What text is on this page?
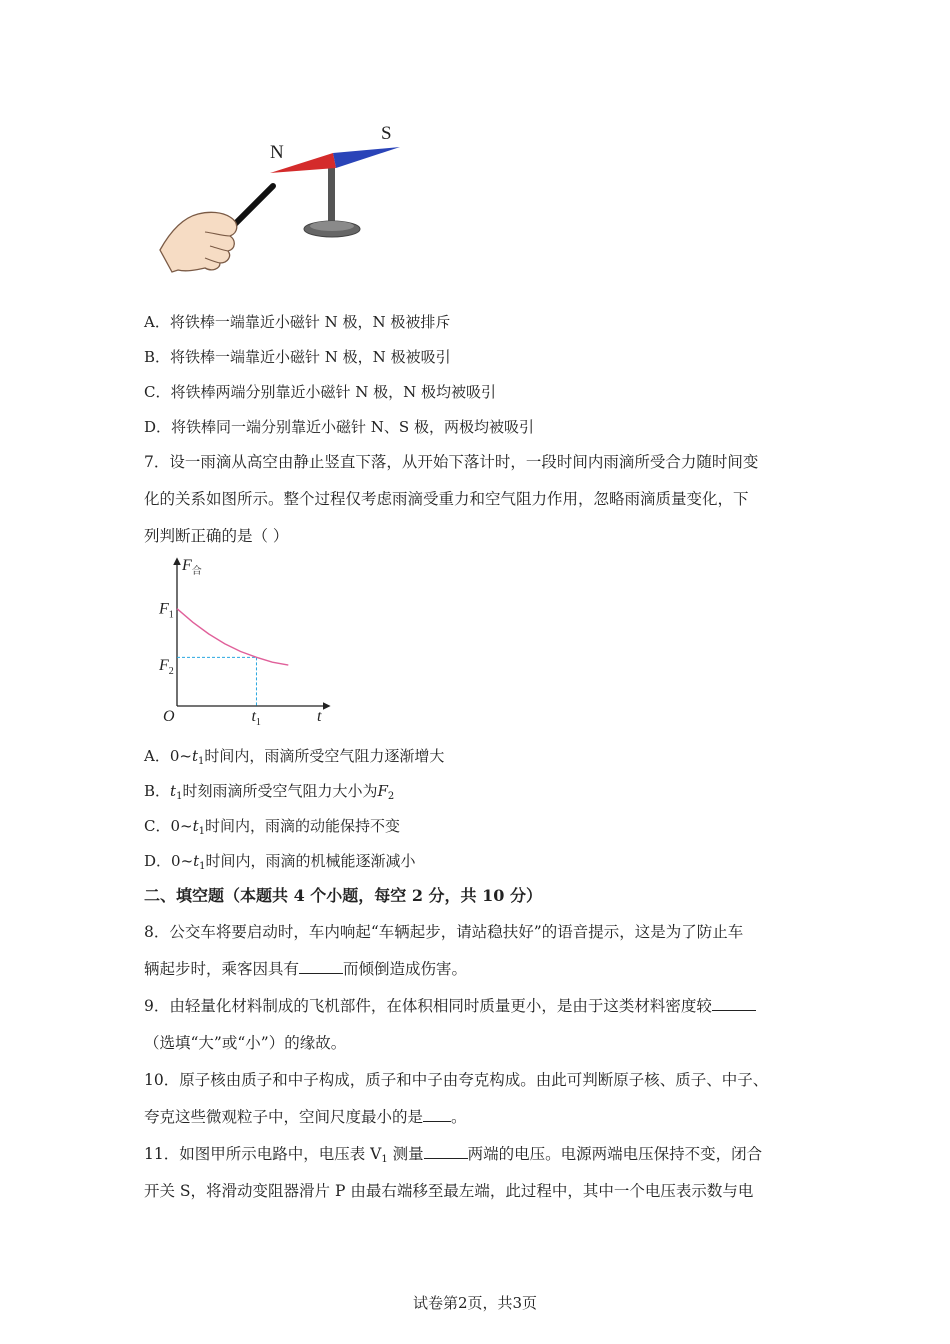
N
S
A．将铁棒一端靠近小磁针 N 极，N 极被排斥
B．将铁棒一端靠近小磁针 N 极，N 极被吸引
C．将铁棒两端分别靠近小磁针 N 极，N 极均被吸引
D．将铁棒同一端分别靠近小磁针 N、S 极，两极均被吸引
7．设一雨滴从高空由静止竖直下落，从开始下落计时，一段时间内雨滴所受合力随时间变
化的关系如图所示。整个过程仅考虑雨滴受重力和空气阻力作用，忽略雨滴质量变化，下
列判断正确的是（ ）
$F_合$
t
O
$F_1$
$F_2$
$t_1$
A．$0\sim t_1$时间内，雨滴所受空气阻力逐渐增大
B．$t_1$时刻雨滴所受空气阻力大小为$F_2$
C．$0\sim t_1$时间内，雨滴的动能保持不变
D．$0\sim t_1$时间内，雨滴的机械能逐渐减小
二、填空题（本题共 4 个小题，每空 2 分，共 10 分）
8．公交车将要启动时，车内响起“车辆起步，请站稳扶好”的语音提示，这是为了防止车
辆起步时，乘客因具有	而倾倒造成伤害。
9．由轻量化材料制成的飞机部件，在体积相同时质量更小，是由于这类材料密度较
（选填“大”或“小”）的缘故。
10．原子核由质子和中子构成，质子和中子由夸克构成。由此可判断原子核、质子、中子、
夸克这些微观粒子中，空间尺度最小的是 。
11．如图甲所示电路中，电压表 $V_1$ 测量	两端的电压。电源两端电压保持不变，闭合
开关 S，将滑动变阻器滑片 P 由最右端移至最左端，此过程中，其中一个电压表示数与电
试卷第2页，共3页
